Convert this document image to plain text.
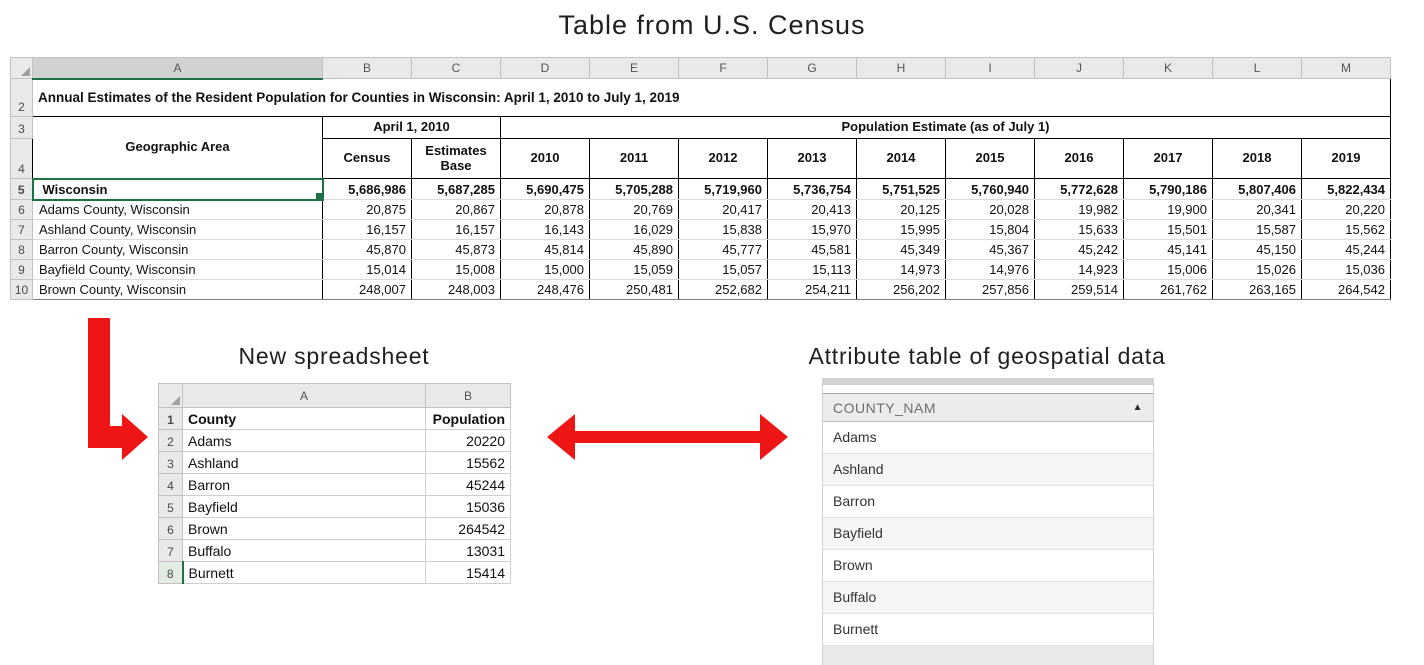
Table from U.S. Census
	A	B	C	D	E	F	G	H	I	J	K	L	M
2	Annual Estimates of the Resident Population for Counties in Wisconsin: April 1, 2010 to July 1, 2019												
3	Geographic Area	April 1, 2010		Population Estimate (as of July 1)									
4		Census	Estimates Base	2010	2011	2012	2013	2014	2015	2016	2017	2018	2019
5	Wisconsin	5,686,986	5,687,285	5,690,475	5,705,288	5,719,960	5,736,754	5,751,525	5,760,940	5,772,628	5,790,186	5,807,406	5,822,434
6	Adams County, Wisconsin	20,875	20,867	20,878	20,769	20,417	20,413	20,125	20,028	19,982	19,900	20,341	20,220
7	Ashland County, Wisconsin	16,157	16,157	16,143	16,029	15,838	15,970	15,995	15,804	15,633	15,501	15,587	15,562
8	Barron County, Wisconsin	45,870	45,873	45,814	45,890	45,777	45,581	45,349	45,367	45,242	45,141	45,150	45,244
9	Bayfield County, Wisconsin	15,014	15,008	15,000	15,059	15,057	15,113	14,973	14,976	14,923	15,006	15,026	15,036
10	Brown County, Wisconsin	248,007	248,003	248,476	250,481	252,682	254,211	256,202	257,856	259,514	261,762	263,165	264,542
New spreadsheet
	A	B
1	County	Population
2	Adams	20220
3	Ashland	15562
4	Barron	45244
5	Bayfield	15036
6	Brown	264542
7	Buffalo	13031
8	Burnett	15414
Attribute table of geospatial data
COUNTY_NAM	▲
Adams
Ashland
Barron
Bayfield
Brown
Buffalo
Burnett
